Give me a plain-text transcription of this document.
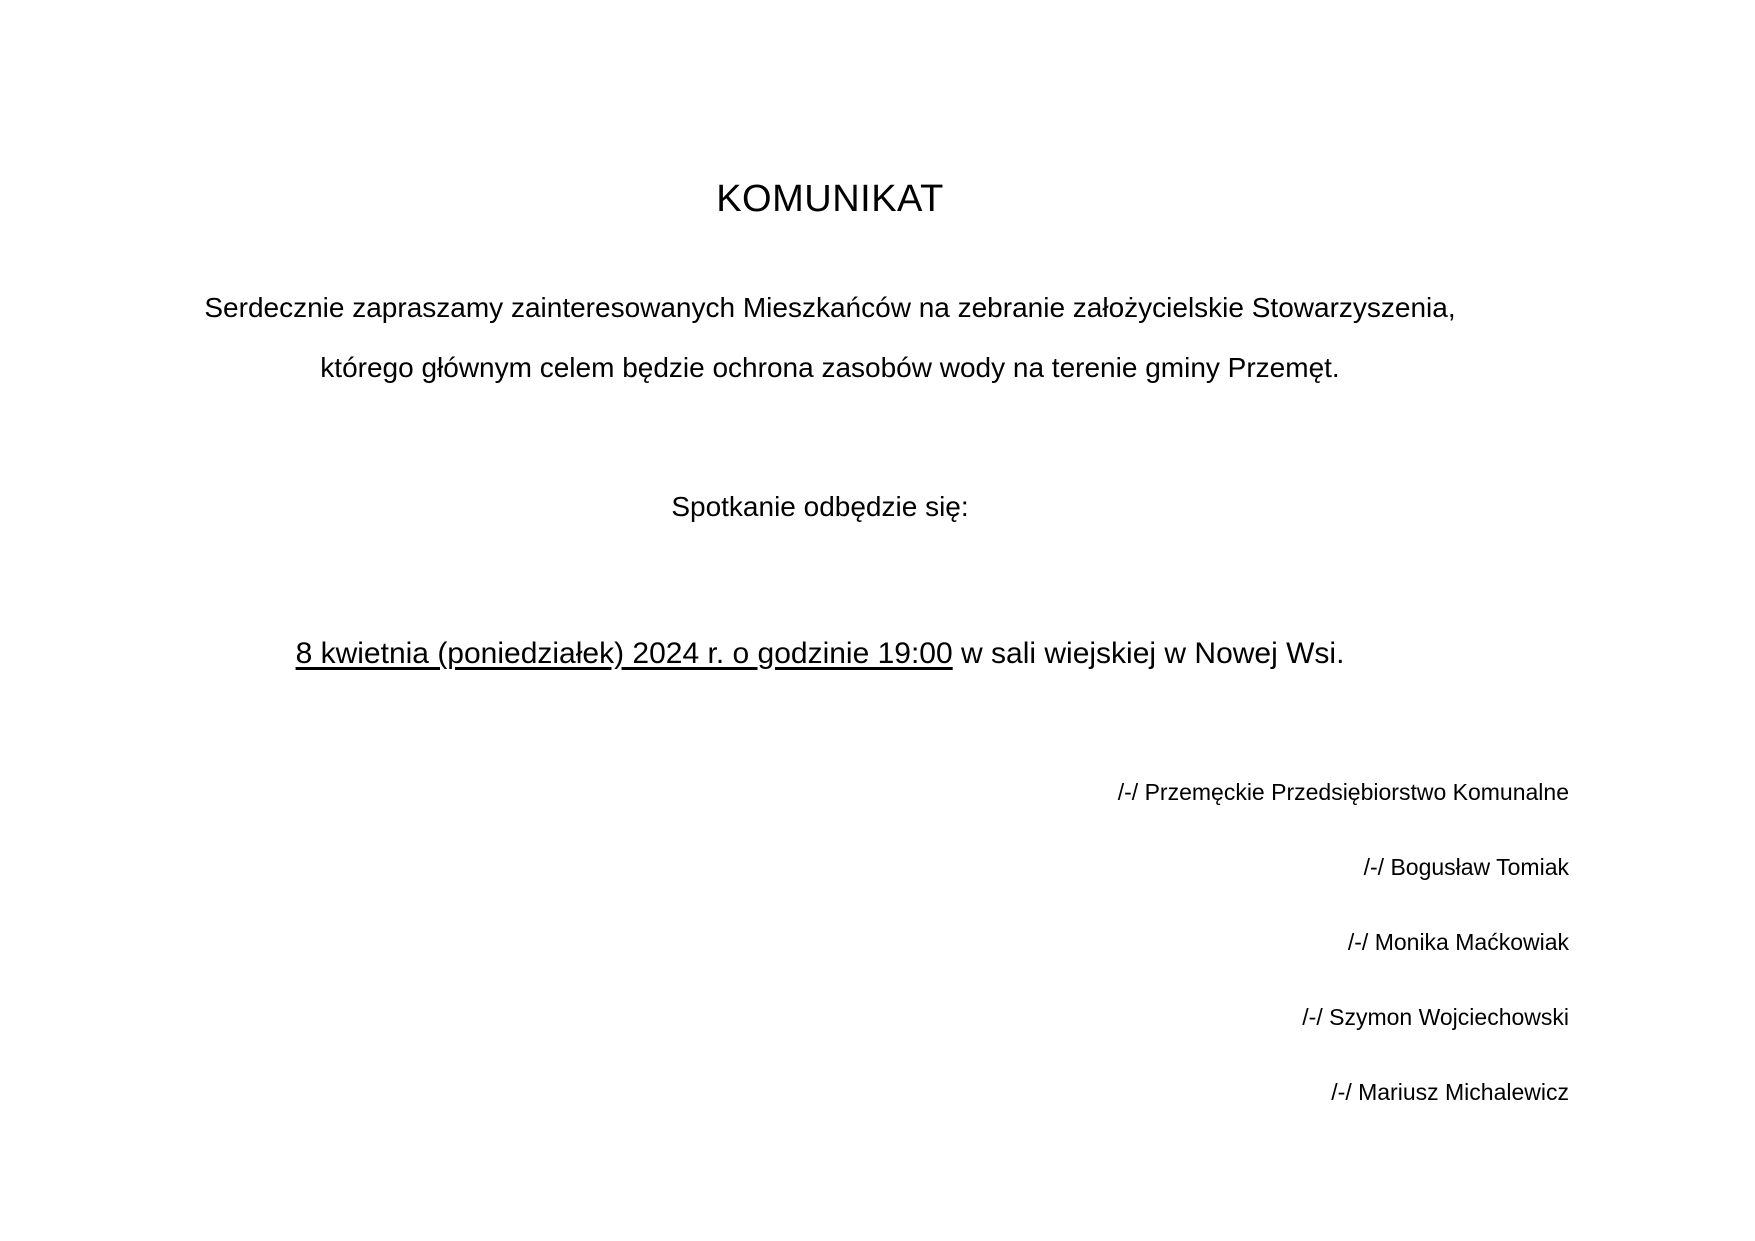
KOMUNIKAT
Serdecznie zapraszamy zainteresowanych Mieszkańców na zebranie założycielskie Stowarzyszenia,
którego głównym celem będzie ochrona zasobów wody na terenie gminy Przemęt.
Spotkanie odbędzie się:
8 kwietnia (poniedziałek) 2024 r. o godzinie 19:00 w sali wiejskiej w Nowej Wsi.
/-/ Przemęckie Przedsiębiorstwo Komunalne
/-/ Bogusław Tomiak
/-/ Monika Maćkowiak
/-/ Szymon Wojciechowski
/-/ Mariusz Michalewicz
